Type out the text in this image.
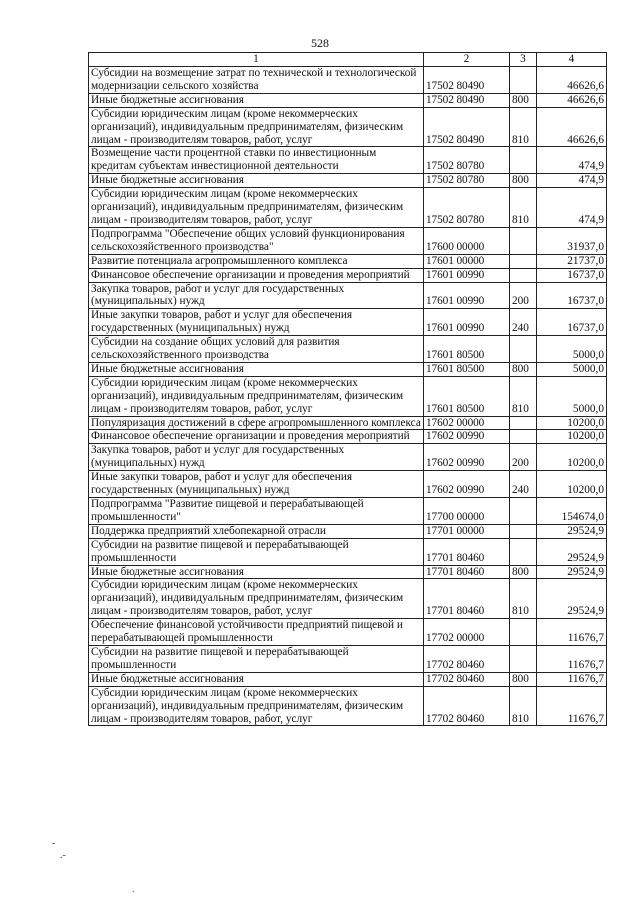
528
1	2	3	4
Субсидии на возмещение затрат по технической и технологической модернизации сельского хозяйства	17502 80490		46626,6
Иные бюджетные ассигнования	17502 80490	800	46626,6
Субсидии юридическим лицам (кроме некоммерческих организаций), индивидуальным предпринимателям, физическим лицам - производителям товаров, работ, услуг	17502 80490	810	46626,6
Возмещение части процентной ставки по инвестиционным кредитам субъектам инвестиционной деятельности	17502 80780		474,9
Иные бюджетные ассигнования	17502 80780	800	474,9
Субсидии юридическим лицам (кроме некоммерческих организаций), индивидуальным предпринимателям, физическим лицам - производителям товаров, работ, услуг	17502 80780	810	474,9
Подпрограмма "Обеспечение общих условий функционирования сельскохозяйственного производства"	17600 00000		31937,0
Развитие потенциала агропромышленного комплекса	17601 00000		21737,0
Финансовое обеспечение организации и проведения мероприятий	17601 00990		16737,0
Закупка товаров, работ и услуг для государственных (муниципальных) нужд	17601 00990	200	16737,0
Иные закупки товаров, работ и услуг для обеспечения государственных (муниципальных) нужд	17601 00990	240	16737,0
Субсидии на создание общих условий для развития сельскохозяйственного производства	17601 80500		5000,0
Иные бюджетные ассигнования	17601 80500	800	5000,0
Субсидии юридическим лицам (кроме некоммерческих организаций), индивидуальным предпринимателям, физическим лицам - производителям товаров, работ, услуг	17601 80500	810	5000,0
Популяризация достижений в сфере агропромышленного комплекса	17602 00000		10200,0
Финансовое обеспечение организации и проведения мероприятий	17602 00990		10200,0
Закупка товаров, работ и услуг для государственных (муниципальных) нужд	17602 00990	200	10200,0
Иные закупки товаров, работ и услуг для обеспечения государственных (муниципальных) нужд	17602 00990	240	10200,0
Подпрограмма "Развитие пищевой и перерабатывающей промышленности"	17700 00000		154674,0
Поддержка предприятий хлебопекарной отрасли	17701 00000		29524,9
Субсидии на развитие пищевой и перерабатывающей промышленности	17701 80460		29524,9
Иные бюджетные ассигнования	17701 80460	800	29524,9
Субсидии юридическим лицам (кроме некоммерческих организаций), индивидуальным предпринимателям, физическим лицам - производителям товаров, работ, услуг	17701 80460	810	29524,9
Обеспечение финансовой устойчивости предприятий пищевой и перерабатывающей промышленности	17702 00000		11676,7
Субсидии на развитие пищевой и перерабатывающей промышленности	17702 80460		11676,7
Иные бюджетные ассигнования	17702 80460	800	11676,7
Субсидии юридическим лицам (кроме некоммерческих организаций), индивидуальным предпринимателям, физическим лицам - производителям товаров, работ, услуг	17702 80460	810	11676,7
-
.-
.
